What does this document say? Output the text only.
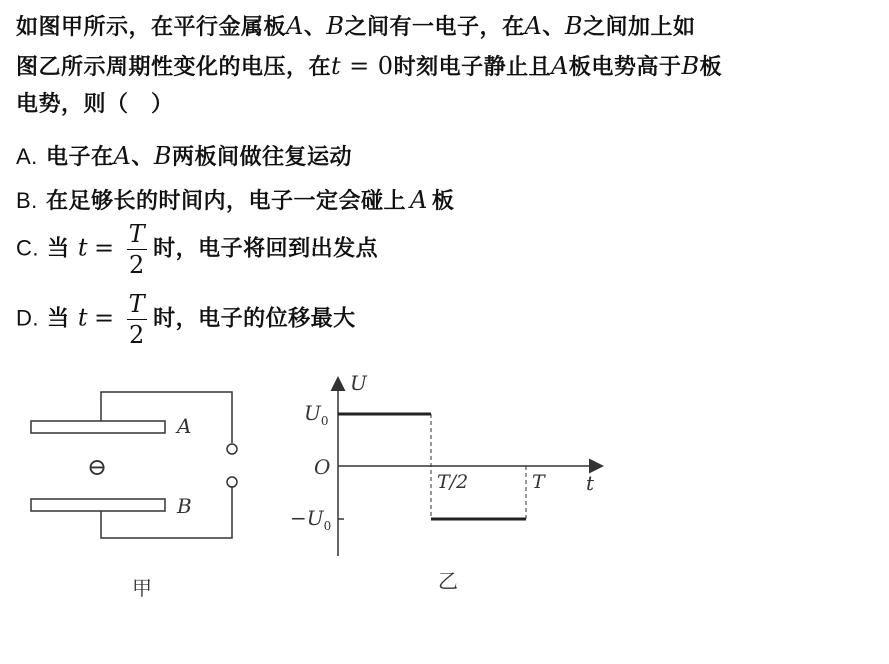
如图甲所示，在平行金属板A、B之间有一电子，在A、B之间加上如
图乙所示周期性变化的电压，在t = 0时刻电子静止且A板电势高于B板
电势，则（　）
A. 电子在A、B两板间做往复运动
B. 在足够长的时间内，电子一定会碰上 A 板
C. 当 $t = \frac{T}{2}$ 时，电子将回到出发点
D. 当 $t = \frac{T}{2}$ 时，电子的位移最大
A
B
⊖
甲
U
t
O
$U_0$
$-U_0$
T/2	T
乙
